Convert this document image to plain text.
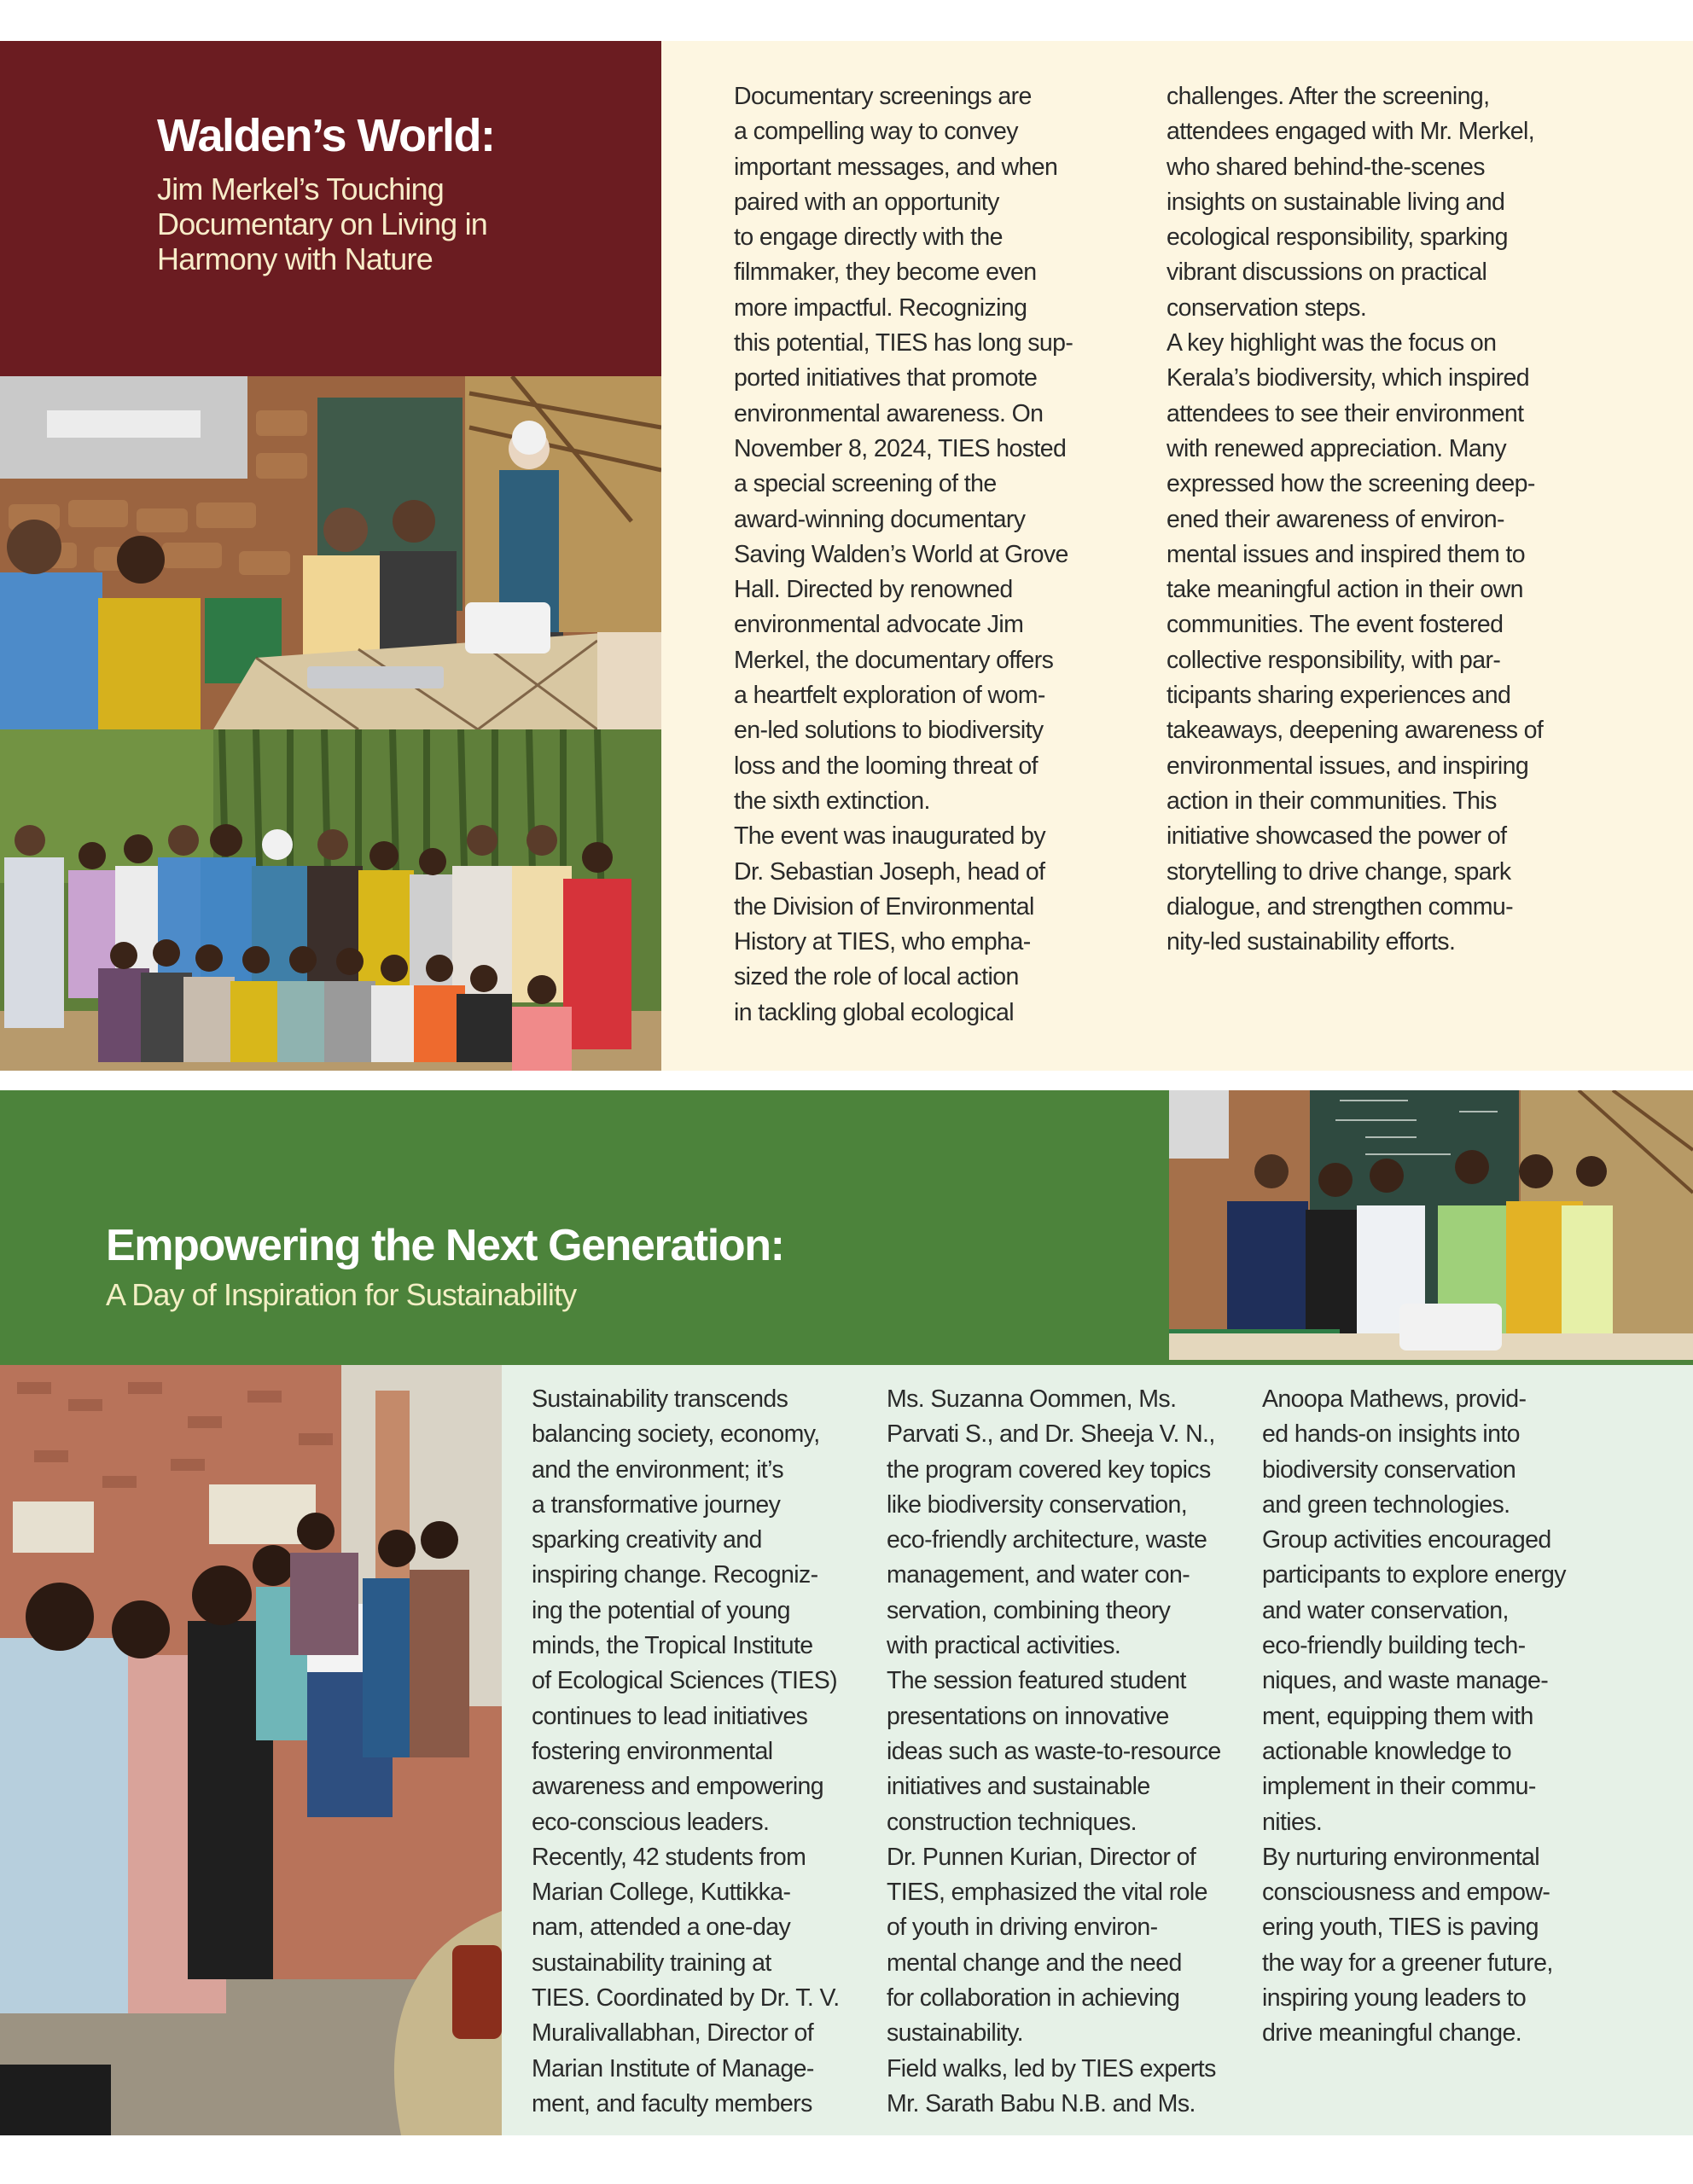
Walden’s World:
Jim Merkel’s Touching
Documentary on Living in
Harmony with Nature

Documentary screenings are

a compelling way to convey

important messages, and when

paired with an opportunity

to engage directly with the

filmmaker, they become even

more impactful. Recognizing

this potential, TIES has long sup-

ported initiatives that promote

environmental awareness. On

November 8, 2024, TIES hosted

a special screening of the

award-winning documentary

Saving Walden’s World at Grove

Hall. Directed by renowned

environmental advocate Jim

Merkel, the documentary offers

a heartfelt exploration of wom-

en-led solutions to biodiversity

loss and the looming threat of

the sixth extinction.

The event was inaugurated by

Dr. Sebastian Joseph, head of

the Division of Environmental

History at TIES, who empha-

sized the role of local action

in tackling global ecological

challenges. After the screening,

attendees engaged with Mr. Merkel,

who shared behind-the-scenes

insights on sustainable living and

ecological responsibility, sparking

vibrant discussions on practical

conservation steps.

A key highlight was the focus on

Kerala’s biodiversity, which inspired

attendees to see their environment

with renewed appreciation. Many

expressed how the screening deep-

ened their awareness of environ-

mental issues and inspired them to

take meaningful action in their own

communities. The event fostered

collective responsibility, with par-

ticipants sharing experiences and

takeaways, deepening awareness of

environmental issues, and inspiring

action in their communities. This

initiative showcased the power of

storytelling to drive change, spark

dialogue, and strengthen commu-

nity-led sustainability efforts.

Empowering the Next Generation:
A Day of Inspiration for Sustainability

Sustainability transcends

balancing society, economy,

and the environment; it’s

a transformative journey

sparking creativity and

inspiring change. Recogniz-

ing the potential of young

minds, the Tropical Institute

of Ecological Sciences (TIES)

continues to lead initiatives

fostering environmental

awareness and empowering

eco-conscious leaders.

Recently, 42 students from

Marian College, Kuttikka-

nam, attended a one-day

sustainability training at

TIES. Coordinated by Dr. T. V.

Muralivallabhan, Director of

Marian Institute of Manage-

ment, and faculty members

Ms. Suzanna Oommen, Ms.

Parvati S., and Dr. Sheeja V. N.,

the program covered key topics

like biodiversity conservation,

eco-friendly architecture, waste

management, and water con-

servation, combining theory

with practical activities.

The session featured student

presentations on innovative

ideas such as waste-to-resource

initiatives and sustainable

construction techniques.

Dr. Punnen Kurian, Director of

TIES, emphasized the vital role

of youth in driving environ-

mental change and the need

for collaboration in achieving

sustainability.

Field walks, led by TIES experts

Mr. Sarath Babu N.B. and Ms.

Anoopa Mathews, provid-

ed hands-on insights into

biodiversity conservation

and green technologies.

Group activities encouraged

participants to explore energy

and water conservation,

eco-friendly building tech-

niques, and waste manage-

ment, equipping them with

actionable knowledge to

implement in their commu-

nities.

By nurturing environmental

consciousness and empow-

ering youth, TIES is paving

the way for a greener future,

inspiring young leaders to

drive meaningful change.
